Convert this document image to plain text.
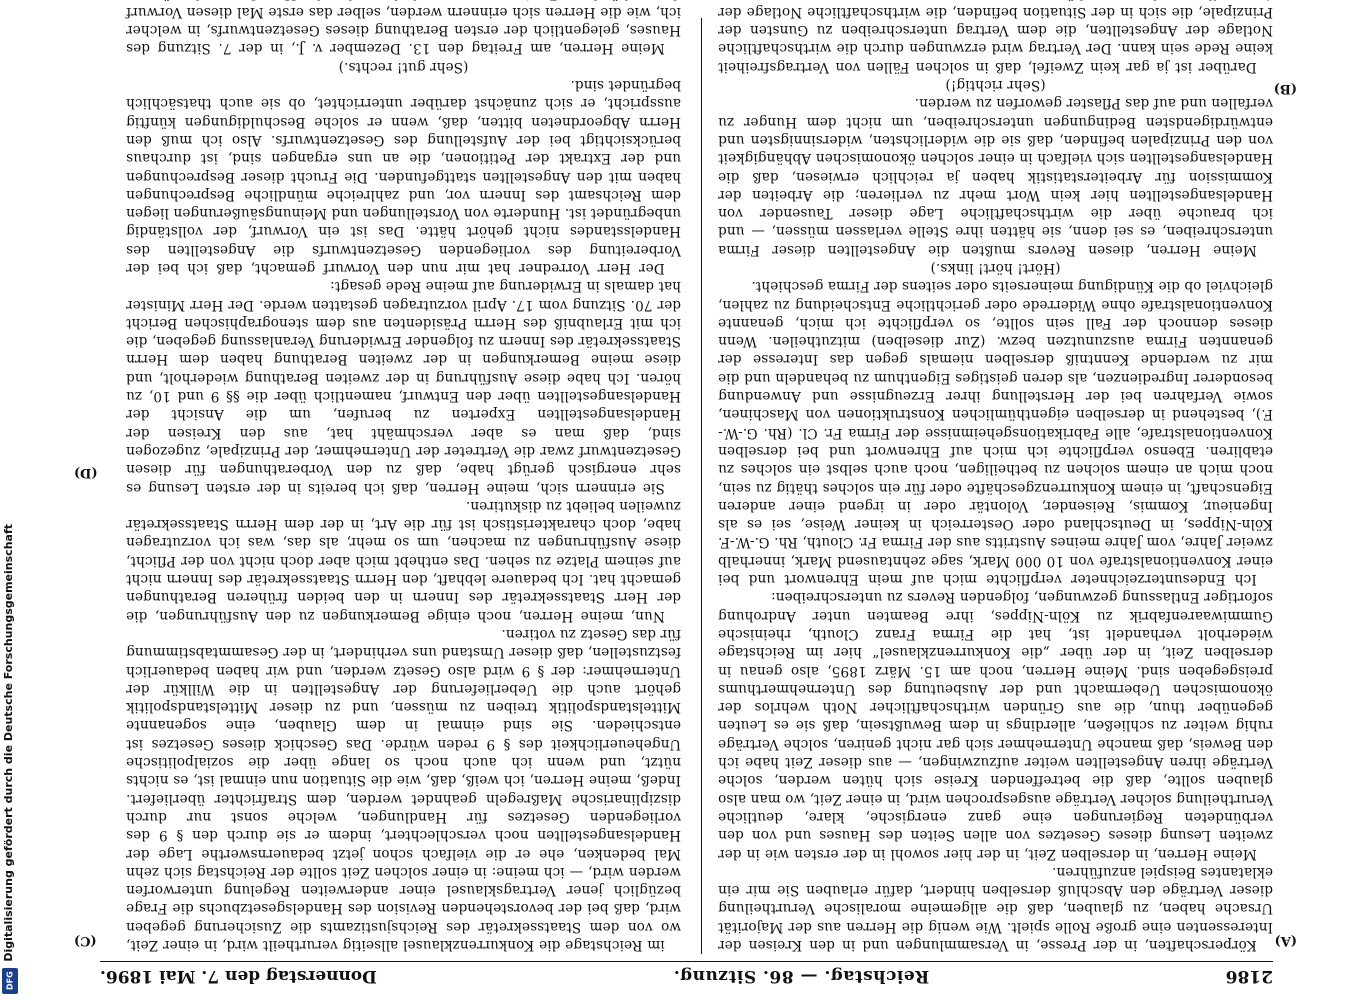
2186
Reichstag. — 86. Sitzung.
Donnerstag den 7. Mai 1896.
(A)
(B)
(C)
(D)

Körperschaften, in der Presse, in Versammlungen und in den Kreisen der Interessenten eine große Rolle spielt. Wie wenig die Herren aus der Majorität Ursache haben, zu glauben, daß die allgemeine moralische Verurtheilung dieser Verträge den Abschluß derselben hindert, dafür erlauben Sie mir ein eklatantes Beispiel anzuführen.

Meine Herren, in derselben Zeit, in der hier sowohl in der ersten wie in der zweiten Lesung dieses Gesetzes von allen Seiten des Hauses und von den verbündeten Regierungen eine ganz energische, klare, deutliche Verurtheilung solcher Verträge ausgesprochen wird, in einer Zeit, wo man also glauben sollte, daß die betreffenden Kreise sich hüten werden, solche Verträge ihren Angestellten weiter aufzuzwingen, — aus dieser Zeit habe ich den Beweis, daß manche Unternehmer sich gar nicht geniren, solche Verträge ruhig weiter zu schließen, allerdings in dem Bewußtsein, daß sie es Leuten gegenüber thun, die aus Gründen wirthschaftlicher Noth wehrlos der ökonomischen Uebermacht und der Ausbeutung des Unternehmerthums preisgegeben sind. Meine Herren, noch am 15. März 1895, also genau in derselben Zeit, in der über „die Konkurrenzklausel“ hier im Reichstage wiederholt verhandelt ist, hat die Firma Franz Clouth, rheinische Gummiwaarenfabrik zu Köln-Nippes, ihre Beamten unter Androhung sofortiger Entlassung gezwungen, folgenden Revers zu unterschreiben:

Ich Endesunterzeichneter verpflichte mich auf mein Ehrenwort und bei einer Konventionalstrafe von 10 000 Mark, sage zehntausend Mark, innerhalb zweier Jahre, vom Jahre meines Austritts aus der Firma Fr. Clouth, Rh. G.-W.-F. Köln-Nippes, in Deutschland oder Oesterreich in keiner Weise, sei es als Ingenieur, Kommis, Reisender, Volontär oder in irgend einer anderen Eigenschaft, in einem Konkurrenzgeschäfte oder für ein solches thätig zu sein, noch mich an einem solchen zu betheiligen, noch auch selbst ein solches zu etabliren. Ebenso verpflichte ich mich auf Ehrenwort und bei derselben Konventionalstrafe, alle Fabrikationsgeheimnisse der Firma Fr. Cl. (Rh. G.-W.-F.), bestehend in derselben eigenthümlichen Konstruktionen von Maschinen, sowie Verfahren bei der Herstellung ihrer Erzeugnisse und Anwendung besonderer Ingredienzen, als deren geistiges Eigenthum zu behandeln und die mir zu werdende Kenntniß derselben niemals gegen das Interesse der genannten Firma auszunutzen bezw. (Zur dieselben) mitzutheilen. Wenn dieses dennoch der Fall sein sollte, so verpflichte ich mich, genannte Konventionalstrafe ohne Widerrede oder gerichtliche Entscheidung zu zahlen, gleichviel ob die Kündigung meinerseits oder seitens der Firma geschieht.

(Hört! hört! links.)

Meine Herren, diesen Revers mußten die Angestellten dieser Firma unterschreiben, es sei denn, sie hätten ihre Stelle verlassen müssen, — und ich brauche über die wirthschaftliche Lage dieser Tausender von Handelsangestellten hier kein Wort mehr zu verlieren; die Arbeiten der Kommission für Arbeiterstatistik haben ja reichlich erwiesen, daß die Handelsangestellten sich vielfach in einer solchen ökonomischen Abhängigkeit von den Prinzipalen befinden, daß sie die widerlichsten, widersinnigsten und entwürdigendsten Bedingungen unterschreiben, um nicht dem Hunger zu verfallen und auf das Pflaster geworfen zu werden.

(Sehr richtig!)

Darüber ist ja gar kein Zweifel, daß in solchen Fällen von Vertragsfreiheit keine Rede sein kann. Der Vertrag wird erzwungen durch die wirthschaftliche Notlage der Angestellten, die dem Vertrag unterschreiben zu Gunsten der Prinzipale, die sich in der Situation befinden, die wirthschaftliche Notlage der

im Reichstage die Konkurrenzklausel allseitig verurtheilt wird, in einer Zeit, wo von dem Staatssekretär des Reichsjustizamts die Zusicherung gegeben wird, daß bei der bevorstehenden Revision des Handelsgesetzbuchs die Frage bezüglich jener Vertragsklausel einer anderweiten Regelung unterworfen werden wird, — ich meine: in einer solchen Zeit sollte der Reichstag sich zehn Mal bedenken, ehe er die vielfach schon jetzt bedauernswerthe Lage der Handelsangestellten noch verschlechtert, indem er sie durch den § 9 des vorliegenden Gesetzes für Handlungen, welche sonst nur durch disziplinarische Maßregeln geahndet werden, dem Strafrichter überliefert. Indeß, meine Herren, ich weiß, daß, wie die Situation nun einmal ist, es nichts nützt, und wenn ich auch noch so lange über die sozialpolitische Ungeheuerlichkeit des § 9 reden würde. Das Geschick dieses Gesetzes ist entschieden. Sie sind einmal in dem Glauben, eine sogenannte Mittelstandspolitik treiben zu müssen, und zu dieser Mittelstandspolitik gehört auch die Ueberlieferung der Angestellten in die Willkür der Unternehmer: der § 9 wird also Gesetz werden, und wir haben bedauerlich festzustellen, daß dieser Umstand uns verhindert, in der Gesammtabstimmung für das Gesetz zu votiren.

Nun, meine Herren, noch einige Bemerkungen zu den Ausführungen, die der Herr Staatssekretär des Innern in den beiden früheren Berathungen gemacht hat. Ich bedauere lebhaft, den Herrn Staatssekretär des Innern nicht auf seinem Platze zu sehen. Das enthebt mich aber doch nicht von der Pflicht, diese Ausführungen zu machen, um so mehr, als das, was ich vorzutragen habe, doch charakteristisch ist für die Art, in der dem Herrn Staatssekretär zuweilen beliebt zu diskutiren.

Sie erinnern sich, meine Herren, daß ich bereits in der ersten Lesung es sehr energisch gerügt habe, daß zu den Vorberathungen für diesen Gesetzentwurf zwar die Vertreter der Unternehmer, der Prinzipale, zugezogen sind, daß man es aber verschmäht hat, aus den Kreisen der Handelsangestellten Experten zu berufen, um die Ansicht der Handelsangestellten über den Entwurf, namentlich über die §§ 9 und 10, zu hören. Ich habe diese Ausführung in der zweiten Berathung wiederholt, und diese meine Bemerkungen in der zweiten Berathung haben dem Herrn Staatssekretär des Innern zu folgender Erwiderung Veranlassung gegeben, die ich mit Erlaubniß des Herrn Präsidenten aus dem stenographischen Bericht der 70. Sitzung vom 17. April vorzutragen gestatten werde. Der Herr Minister hat damals in Erwiderung auf meine Rede gesagt:

Der Herr Vorredner hat mir nun den Vorwurf gemacht, daß ich bei der Vorbereitung des vorliegenden Gesetzentwurfs die Angestellten des Handelsstandes nicht gehört hätte. Das ist ein Vorwurf, der vollständig unbegründet ist. Hunderte von Vorstellungen und Meinungsäußerungen liegen dem Reichsamt des Innern vor, und zahlreiche mündliche Besprechungen haben mit den Angestellten stattgefunden. Die Frucht dieser Besprechungen und der Extrakt der Petitionen, die an uns ergangen sind, ist durchaus berücksichtigt bei der Aufstellung des Gesetzentwurfs. Also ich muß den Herrn Abgeordneten bitten, daß, wenn er solche Beschuldigungen künftig ausspricht, er sich zunächst darüber unterrichtet, ob sie auch thatsächlich begründet sind.

(Sehr gut! rechts.)

Meine Herren, am Freitag den 13. Dezember v. J., in der 7. Sitzung des Hauses, gelegentlich der ersten Berathung dieses Gesetzentwurfs, in welcher ich, wie die Herren sich erinnern werden, selber das erste Mal diesen Vorwurf

Digitalisierung gefördert durch die Deutsche Forschungsgemeinschaft
DFG
